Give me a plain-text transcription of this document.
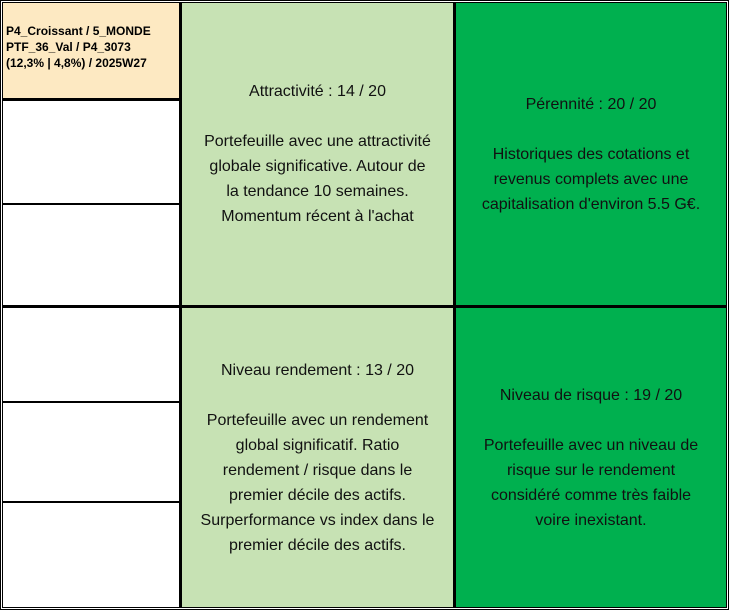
P4_Croissant / 5_MONDE
PTF_36_Val / P4_3073
(12,3% | 4,8%) / 2025W27
Attractivité : 14 / 20
Portefeuille avec une attractivité
globale significative. Autour de
la tendance 10 semaines.
Momentum récent à l'achat
Pérennité : 20 / 20
Historiques des cotations et
revenus complets avec une
capitalisation d'environ 5.5 G€.
Niveau rendement : 13 / 20
Portefeuille avec un rendement
global significatif. Ratio
rendement / risque dans le
premier décile des actifs.
Surperformance vs index dans le
premier décile des actifs.
Niveau de risque : 19 / 20
Portefeuille avec un niveau de
risque sur le rendement
considéré comme très faible
voire inexistant.
